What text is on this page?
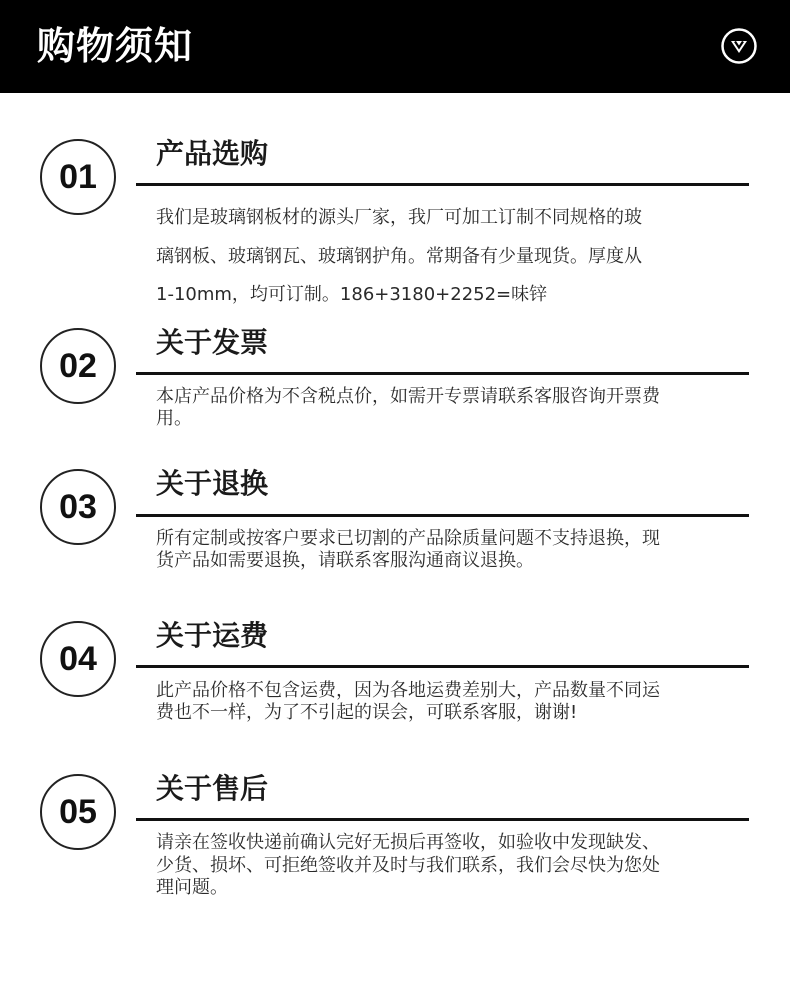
购物须知
01
产品选购
我们是玻璃钢板材的源头厂家，我厂可加工订制不同规格的玻
璃钢板、玻璃钢瓦、玻璃钢护角。常期备有少量现货。厚度从
1-10mm，均可订制。186+3180+2252=味锌
02
关于发票
本店产品价格为不含税点价，如需开专票请联系客服咨询开票费
用。
03
关于退换
所有定制或按客户要求已切割的产品除质量问题不支持退换，现
货产品如需要退换，请联系客服沟通商议退换。
04
关于运费
此产品价格不包含运费，因为各地运费差别大，产品数量不同运
费也不一样，为了不引起的误会，可联系客服，谢谢!
05
关于售后
请亲在签收快递前确认完好无损后再签收，如验收中发现缺发、
少货、损坏、可拒绝签收并及时与我们联系，我们会尽快为您处
理问题。
